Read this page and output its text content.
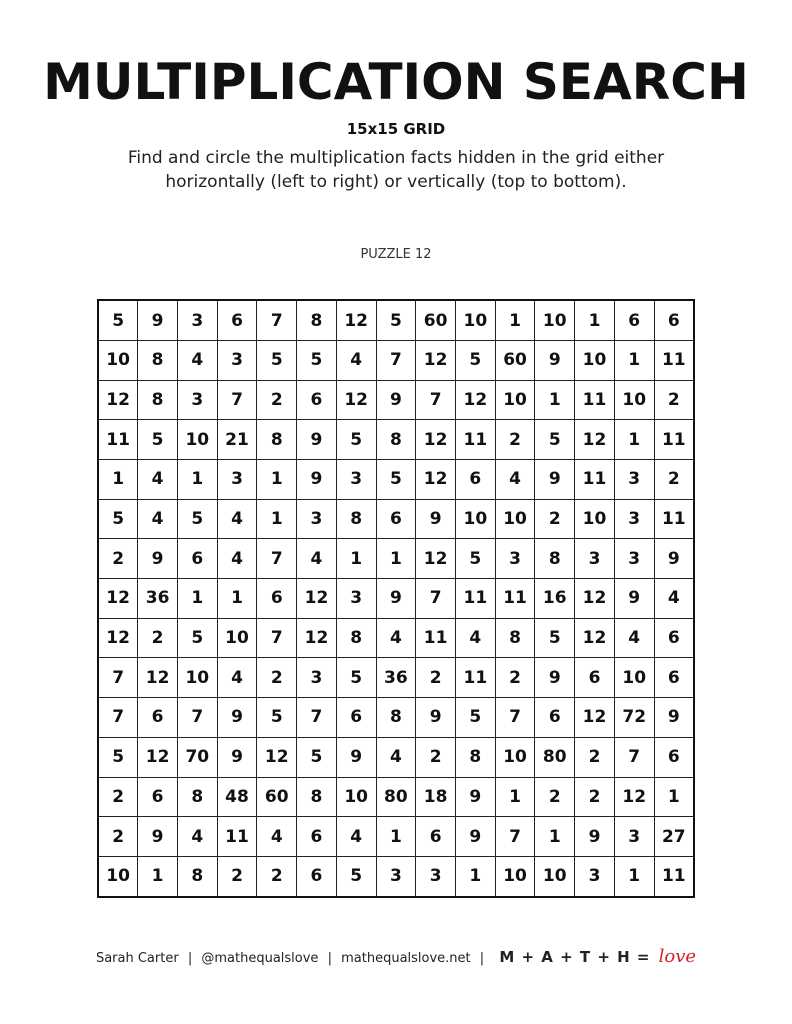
MULTIPLICATION SEARCH
15x15 GRID
Find and circle the multiplication facts hidden in the grid either horizontally (left to right) or vertically (top to bottom).
PUZZLE 12
5	9	3	6	7	8	12	5	60	10	1	10	1	6	6
10	8	4	3	5	5	4	7	12	5	60	9	10	1	11
12	8	3	7	2	6	12	9	7	12	10	1	11	10	2
11	5	10	21	8	9	5	8	12	11	2	5	12	1	11
1	4	1	3	1	9	3	5	12	6	4	9	11	3	2
5	4	5	4	1	3	8	6	9	10	10	2	10	3	11
2	9	6	4	7	4	1	1	12	5	3	8	3	3	9
12	36	1	1	6	12	3	9	7	11	11	16	12	9	4
12	2	5	10	7	12	8	4	11	4	8	5	12	4	6
7	12	10	4	2	3	5	36	2	11	2	9	6	10	6
7	6	7	9	5	7	6	8	9	5	7	6	12	72	9
5	12	70	9	12	5	9	4	2	8	10	80	2	7	6
2	6	8	48	60	8	10	80	18	9	1	2	2	12	1
2	9	4	11	4	6	4	1	6	9	7	1	9	3	27
10	1	8	2	2	6	5	3	3	1	10	10	3	1	11
Sarah Carter | @mathequalslove | mathequalslove.net | M + A + T + H = love
